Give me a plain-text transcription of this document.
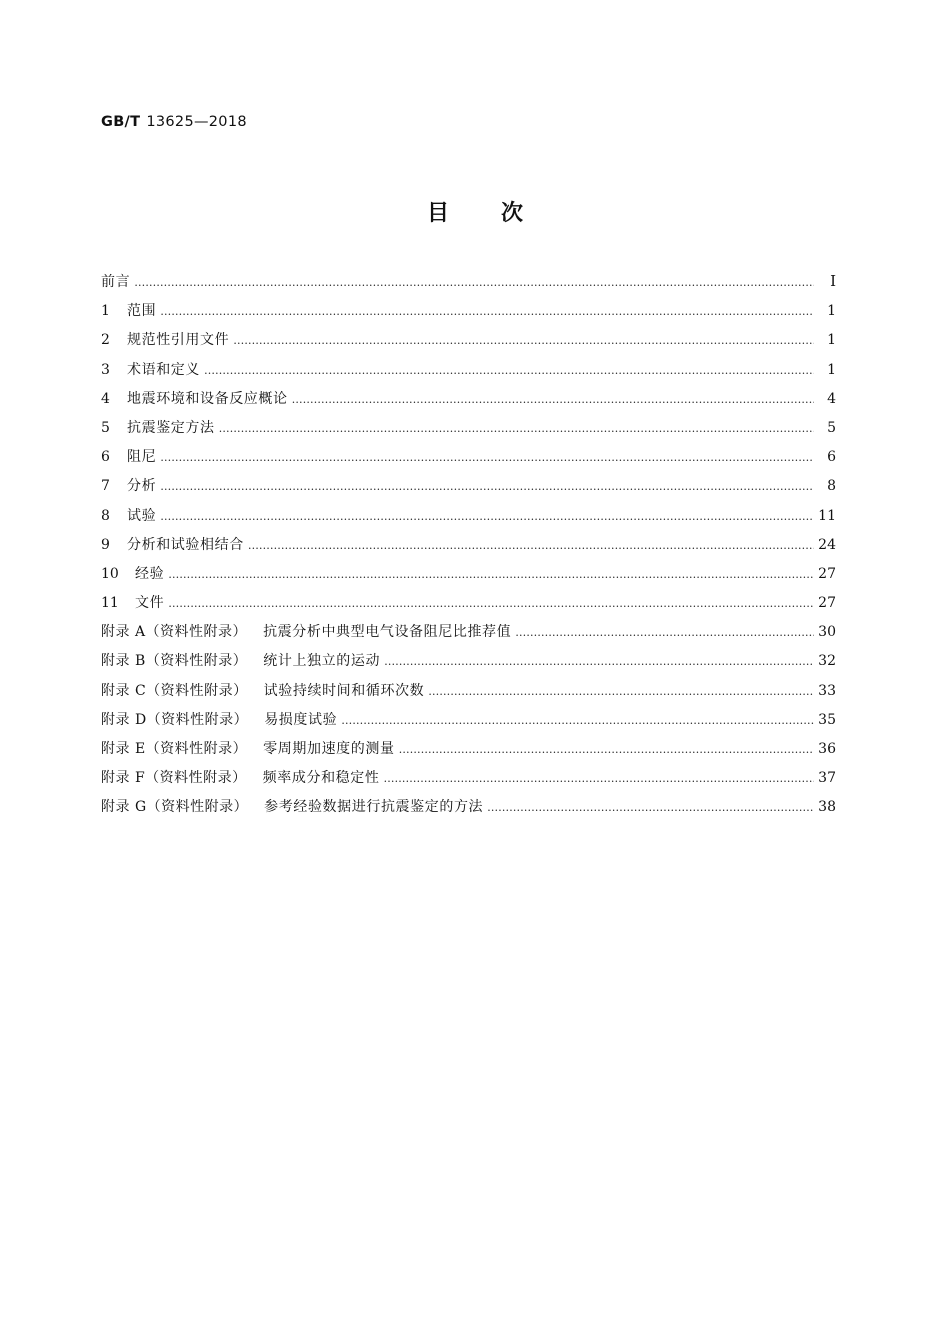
GB/T 13625—2018
目次
前言 ……………………………………………………………………………………………………………………………………………………………………………………………………………………………………………………………………………………………	I
1	范围 ……………………………………………………………………………………………………………………………………………………………………………………………………………………………………………………………………………………………	1
2	规范性引用文件 ……………………………………………………………………………………………………………………………………………………………………………………………………………………………………………………………………………………………	1
3	术语和定义 ……………………………………………………………………………………………………………………………………………………………………………………………………………………………………………………………………………………………	1
4	地震环境和设备反应概论 ……………………………………………………………………………………………………………………………………………………………………………………………………………………………………………………………………………………………	4
5	抗震鉴定方法 ……………………………………………………………………………………………………………………………………………………………………………………………………………………………………………………………………………………………	5
6	阻尼 ……………………………………………………………………………………………………………………………………………………………………………………………………………………………………………………………………………………………	6
7	分析 ……………………………………………………………………………………………………………………………………………………………………………………………………………………………………………………………………………………………	8
8	试验 ……………………………………………………………………………………………………………………………………………………………………………………………………………………………………………………………………………………………	11
9	分析和试验相结合 ……………………………………………………………………………………………………………………………………………………………………………………………………………………………………………………………………………………………	24
10	经验 ……………………………………………………………………………………………………………………………………………………………………………………………………………………………………………………………………………………………	27
11	文件 ……………………………………………………………………………………………………………………………………………………………………………………………………………………………………………………………………………………………	27
附录 A（资料性附录）	抗震分析中典型电气设备阻尼比推荐值 ……………………………………………………………………………………………………………………………………………………………………………………………………………………………………………………………………………………………	30
附录 B（资料性附录）	统计上独立的运动 ……………………………………………………………………………………………………………………………………………………………………………………………………………………………………………………………………………………………	32
附录 C（资料性附录）	试验持续时间和循环次数 ……………………………………………………………………………………………………………………………………………………………………………………………………………………………………………………………………………………………	33
附录 D（资料性附录）	易损度试验 ……………………………………………………………………………………………………………………………………………………………………………………………………………………………………………………………………………………………	35
附录 E（资料性附录）	零周期加速度的测量 ……………………………………………………………………………………………………………………………………………………………………………………………………………………………………………………………………………………………	36
附录 F（资料性附录）	频率成分和稳定性 ……………………………………………………………………………………………………………………………………………………………………………………………………………………………………………………………………………………………	37
附录 G（资料性附录）	参考经验数据进行抗震鉴定的方法 ……………………………………………………………………………………………………………………………………………………………………………………………………………………………………………………………………………………………	38
